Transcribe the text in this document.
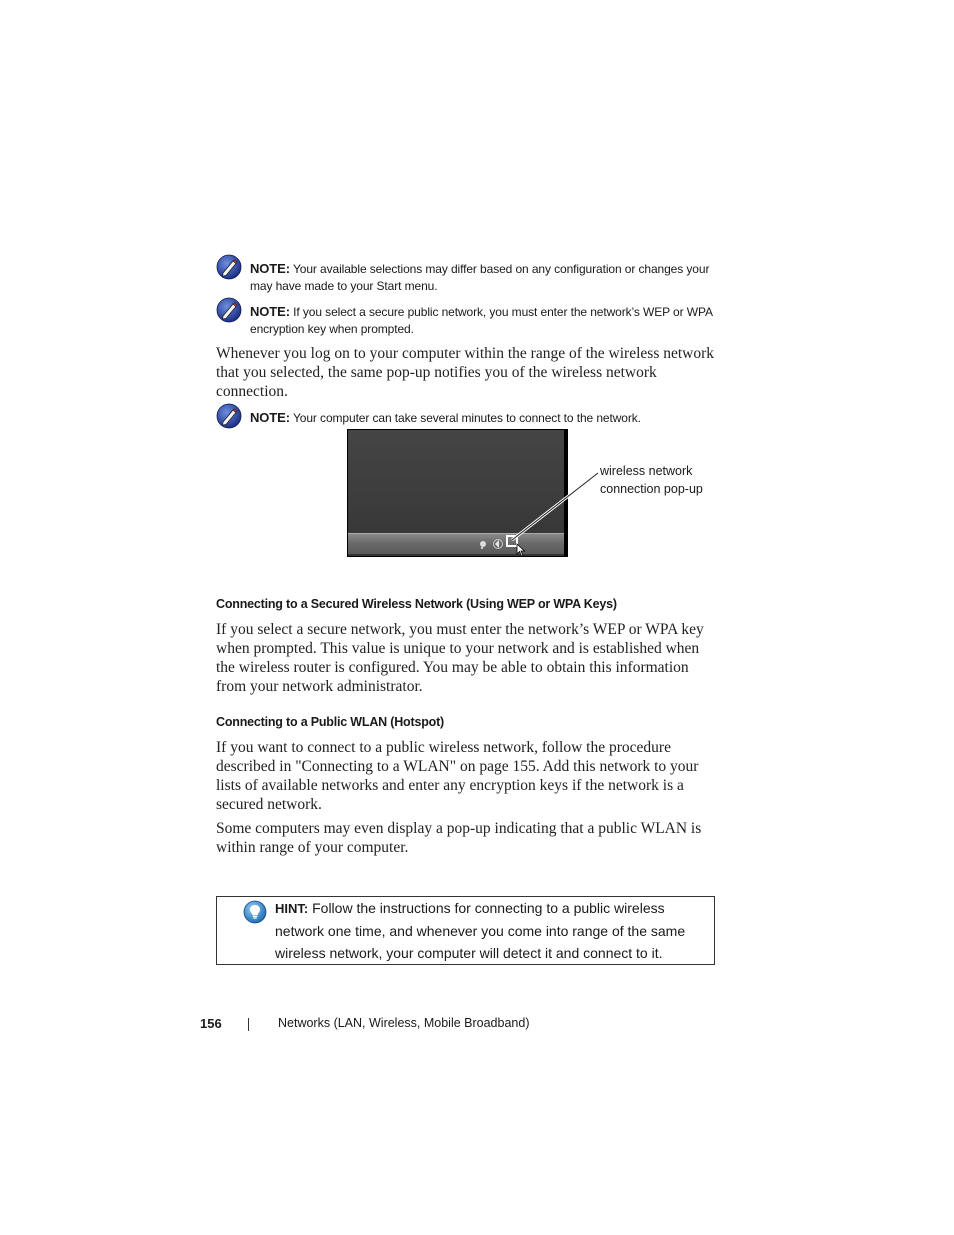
NOTE: Your available selections may differ based on any configuration or changes your may have made to your Start menu.
NOTE: If you select a secure public network, you must enter the network’s WEP or WPA encryption key when prompted.
Whenever you log on to your computer within the range of the wireless network that you selected, the same pop-up notifies you of the wireless network connection.
NOTE: Your computer can take several minutes to connect to the network.
wireless network
connection pop-up
Connecting to a Secured Wireless Network (Using WEP or WPA Keys)
If you select a secure network, you must enter the network’s WEP or WPA key when prompted. This value is unique to your network and is established when the wireless router is configured. You may be able to obtain this information from your network administrator.
Connecting to a Public WLAN (Hotspot)
If you want to connect to a public wireless network, follow the procedure described in "Connecting to a WLAN" on page 155. Add this network to your lists of available networks and enter any encryption keys if the network is a secured network.
Some computers may even display a pop-up indicating that a public WLAN is within range of your computer.
HINT: Follow the instructions for connecting to a public wireless network one time, and whenever you come into range of the same wireless network, your computer will detect it and connect to it.
156	Networks (LAN, Wireless, Mobile Broadband)
